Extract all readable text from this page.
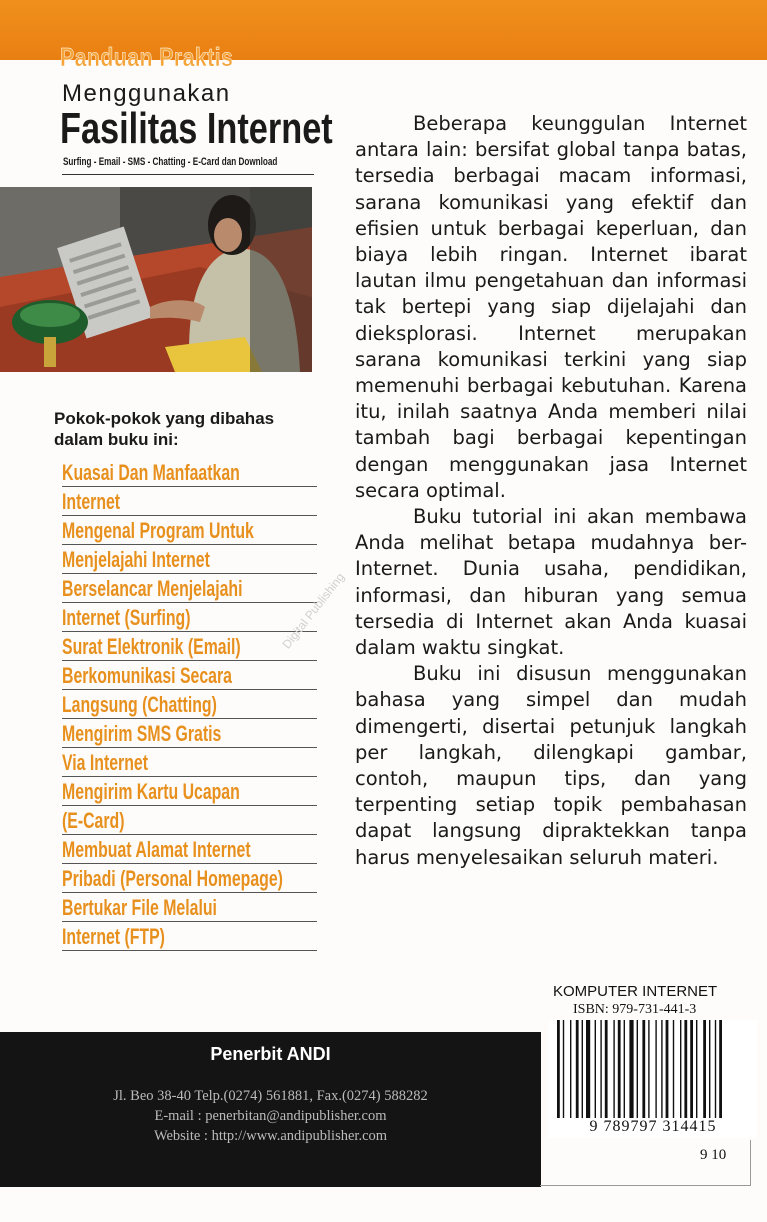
Panduan Praktis
Menggunakan
Fasilitas Internet
Surfing - Email - SMS - Chatting - E-Card dan Download
Pokok-pokok yang dibahas dalam buku ini:
Kuasai Dan Manfaatkan
Internet
Mengenal Program Untuk
Menjelajahi Internet
Berselancar Menjelajahi
Internet (Surfing)
Surat Elektronik (Email)
Berkomunikasi Secara
Langsung (Chatting)
Mengirim SMS Gratis
Via Internet
Mengirim Kartu Ucapan
(E-Card)
Membuat Alamat Internet
Pribadi (Personal Homepage)
Bertukar File Melalui
Internet (FTP)

Beberapa keunggulan Internet antara lain: bersifat global tanpa batas, tersedia berbagai macam informasi, sarana komunikasi yang efektif dan efisien untuk berbagai keperluan, dan biaya lebih ringan. Internet ibarat lautan ilmu pengetahuan dan informasi tak bertepi yang siap dijelajahi dan dieksplorasi. Internet merupakan sarana komunikasi terkini yang siap memenuhi berbagai kebutuhan. Karena itu, inilah saatnya Anda memberi nilai tambah bagi berbagai kepentingan dengan menggunakan jasa Internet secara optimal.

Buku tutorial ini akan membawa Anda melihat betapa mudahnya ber-Internet. Dunia usaha, pendidikan, informasi, dan hiburan yang semua tersedia di Internet akan Anda kuasai dalam waktu singkat.

Buku ini disusun menggunakan bahasa yang simpel dan mudah dimengerti, disertai petunjuk langkah per langkah, dilengkapi gambar, contoh, maupun tips, dan yang terpenting setiap topik pembahasan dapat langsung dipraktekkan tanpa harus menyelesaikan seluruh materi.

Digital Publishing
Penerbit ANDI
Jl. Beo 38-40 Telp.(0274) 561881, Fax.(0274) 588282
E-mail : penerbitan@andipublisher.com
Website : http://www.andipublisher.com
KOMPUTER INTERNET
ISBN: 979-731-441-3
9 789797 314415
9 10
